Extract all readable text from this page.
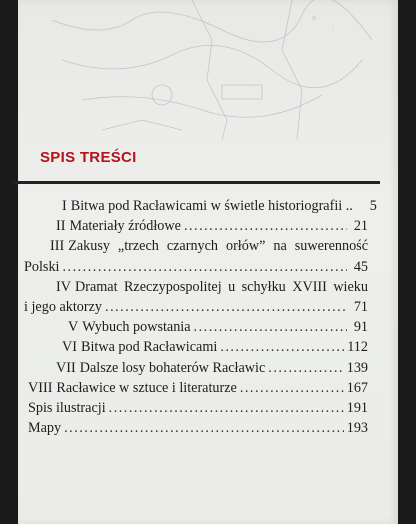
o
:
.
SPIS TREŚCI
I Bitwa pod Racławicami w świetle historiografii ..	5
II Materiały źródłowe .....	21
III Zakusy „trzech czarnych orłów” na suwerenność
Polski .....	45
IV Dramat Rzeczypospolitej u schyłku XVIII wieku
i jego aktorzy .....	71
V Wybuch powstania .....	91
VI Bitwa pod Racławicami .....	112
VII Dalsze losy bohaterów Racławic .....	139
VIII Racławice w sztuce i literaturze .....	167
Spis ilustracji .....	191
Mapy .....	193
